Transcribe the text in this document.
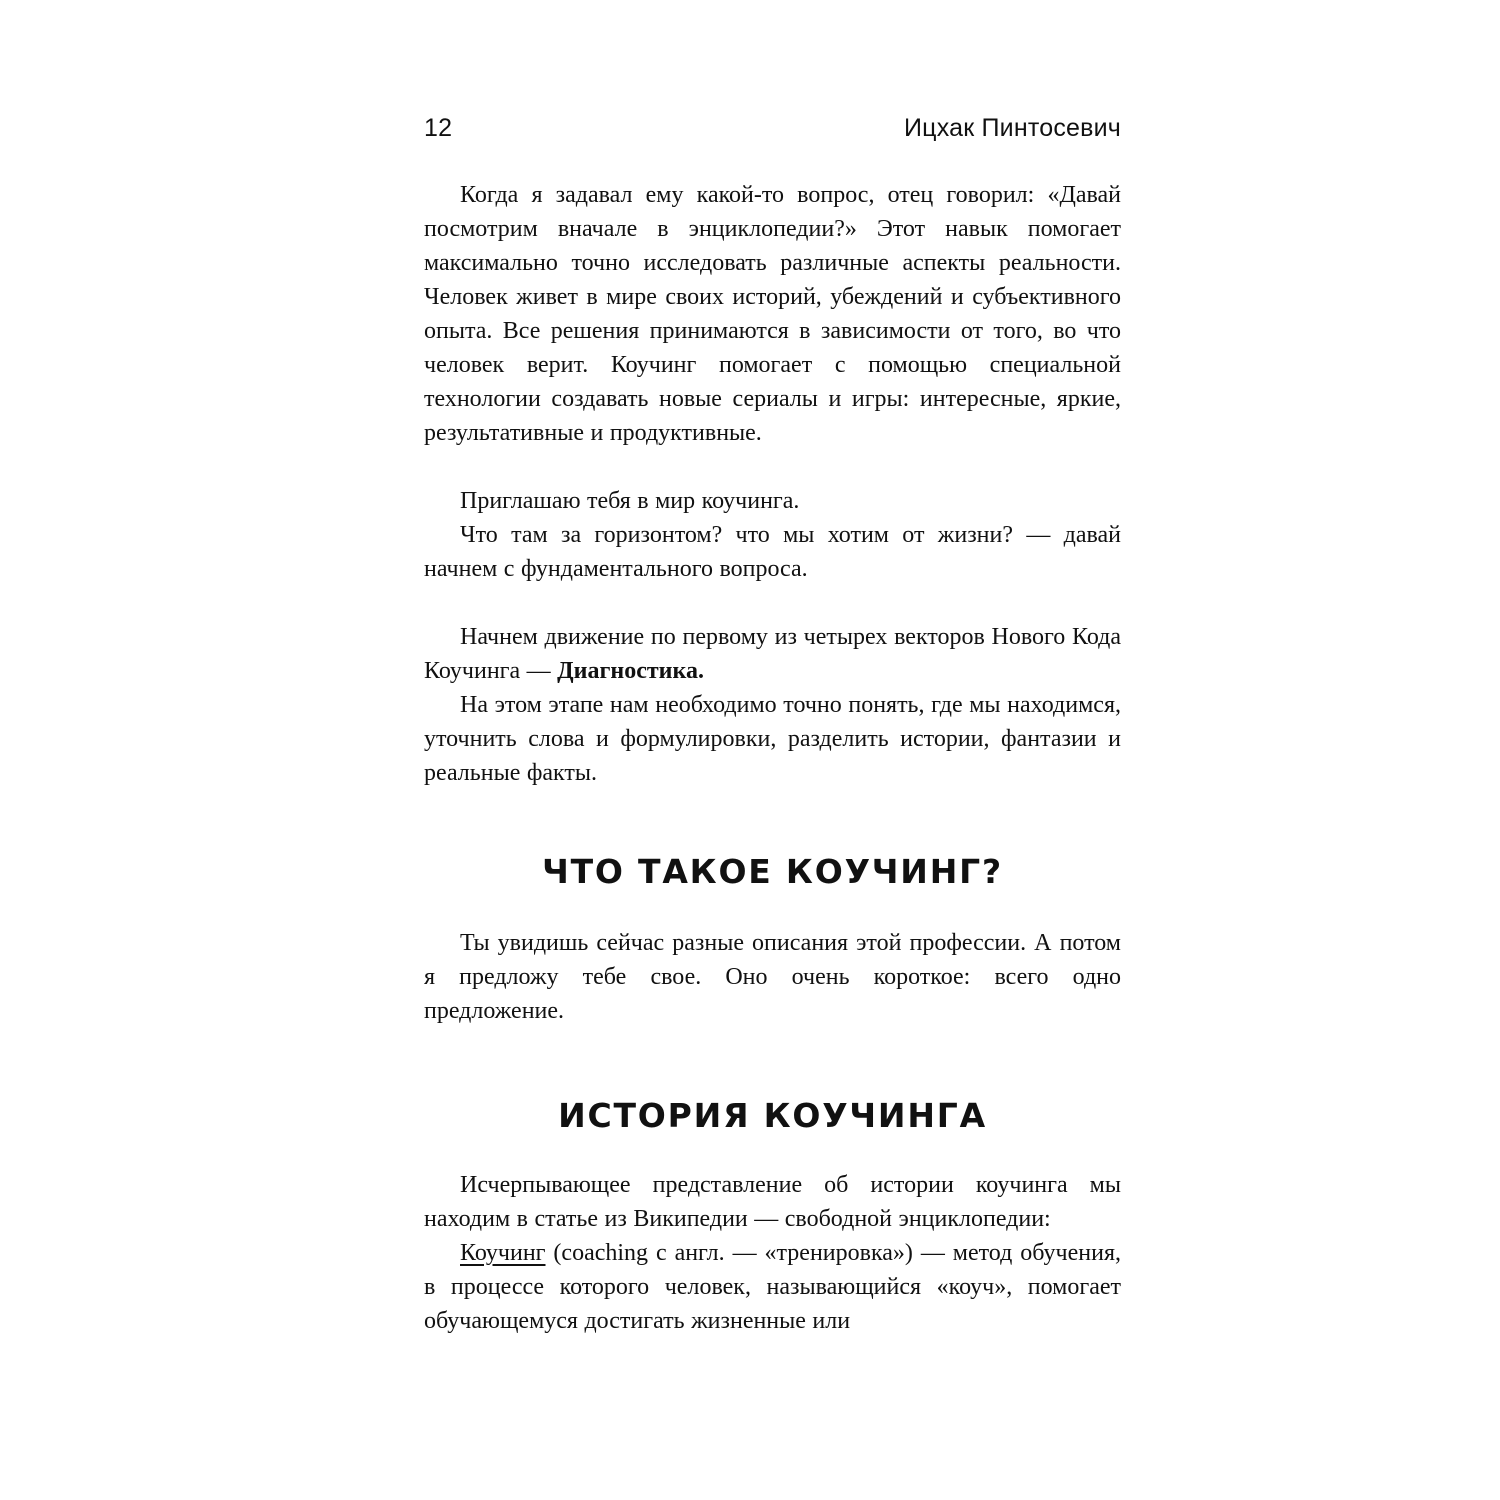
12	Ицхак Пинтосевич

Когда я задавал ему какой-то вопрос, отец говорил: «Давай посмотрим вначале в энциклопедии?» Этот навык помогает максимально точно исследовать различные аспекты реальности. Человек живет в мире своих историй, убеждений и субъективного опыта. Все решения принимаются в зависимости от того, во что человек верит. Коучинг помогает с помощью специальной технологии создавать новые сериалы и игры: интересные, яркие, результативные и продуктивные.

Приглашаю тебя в мир коучинга.

Что там за горизонтом? что мы хотим от жизни? — давай начнем с фундаментального вопроса.

Начнем движение по первому из четырех векторов Нового Кода Коучинга — Диагностика.

На этом этапе нам необходимо точно понять, где мы находимся, уточнить слова и формулировки, разделить истории, фантазии и реальные факты.

ЧТО ТАКОЕ КОУЧИНГ?

Ты увидишь сейчас разные описания этой профессии. А потом я предложу тебе свое. Оно очень короткое: всего одно предложение.

ИСТОРИЯ КОУЧИНГА

Исчерпывающее представление об истории коучинга мы находим в статье из Википедии — свободной энциклопедии:

Коучинг (coaching с англ. — «тренировка») — метод обучения, в процессе которого человек, называющийся «коуч», помогает обучающемуся достигать жизненные или
